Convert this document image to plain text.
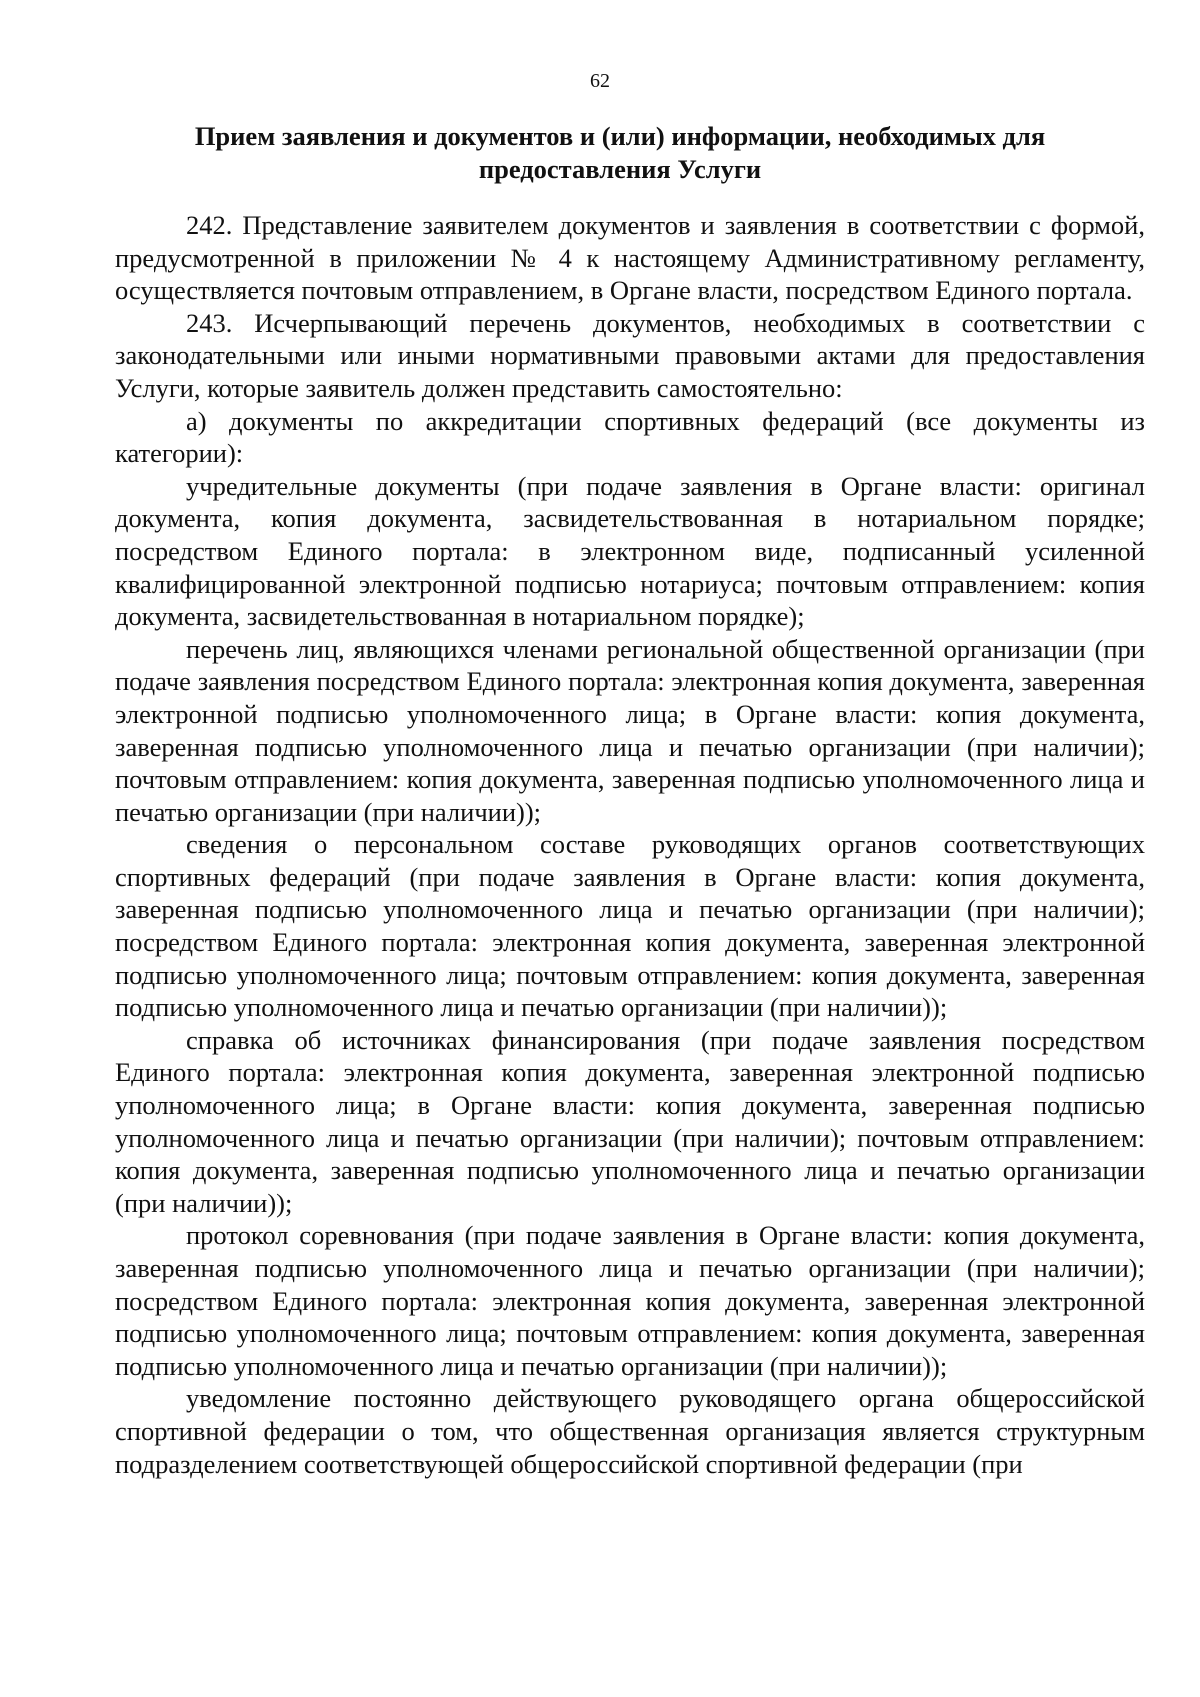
62
Прием заявления и документов и (или) информации, необходимых для
предоставления Услуги

242. Представление заявителем документов и заявления в соответствии с формой, предусмотренной в приложении № 4 к настоящему Административному регламенту, осуществляется почтовым отправлением, в Органе власти, посредством Единого портала.

243. Исчерпывающий перечень документов, необходимых в соответствии с законодательными или иными нормативными правовыми актами для предоставления Услуги, которые заявитель должен представить самостоятельно:

а) документы по аккредитации спортивных федераций (все документы из категории):

учредительные документы (при подаче заявления в Органе власти: оригинал документа, копия документа, засвидетельствованная в нотариальном порядке; посредством Единого портала: в электронном виде, подписанный усиленной квалифицированной электронной подписью нотариуса; почтовым отправлением: копия документа, засвидетельствованная в нотариальном порядке);

перечень лиц, являющихся членами региональной общественной организации (при подаче заявления посредством Единого портала: электронная копия документа, заверенная электронной подписью уполномоченного лица; в Органе власти: копия документа, заверенная подписью уполномоченного лица и печатью организации (при наличии); почтовым отправлением: копия документа, заверенная подписью уполномоченного лица и печатью организации (при наличии));

сведения о персональном составе руководящих органов соответствующих спортивных федераций (при подаче заявления в Органе власти: копия документа, заверенная подписью уполномоченного лица и печатью организации (при наличии); посредством Единого портала: электронная копия документа, заверенная электронной подписью уполномоченного лица; почтовым отправлением: копия документа, заверенная подписью уполномоченного лица и печатью организации (при наличии));

справка об источниках финансирования (при подаче заявления посредством Единого портала: электронная копия документа, заверенная электронной подписью уполномоченного лица; в Органе власти: копия документа, заверенная подписью уполномоченного лица и печатью организации (при наличии); почтовым отправлением: копия документа, заверенная подписью уполномоченного лица и печатью организации (при наличии));

протокол соревнования (при подаче заявления в Органе власти: копия документа, заверенная подписью уполномоченного лица и печатью организации (при наличии); посредством Единого портала: электронная копия документа, заверенная электронной подписью уполномоченного лица; почтовым отправлением: копия документа, заверенная подписью уполномоченного лица и печатью организации (при наличии));

уведомление постоянно действующего руководящего органа общероссийской спортивной федерации о том, что общественная организация является структурным подразделением соответствующей общероссийской спортивной федерации (при
